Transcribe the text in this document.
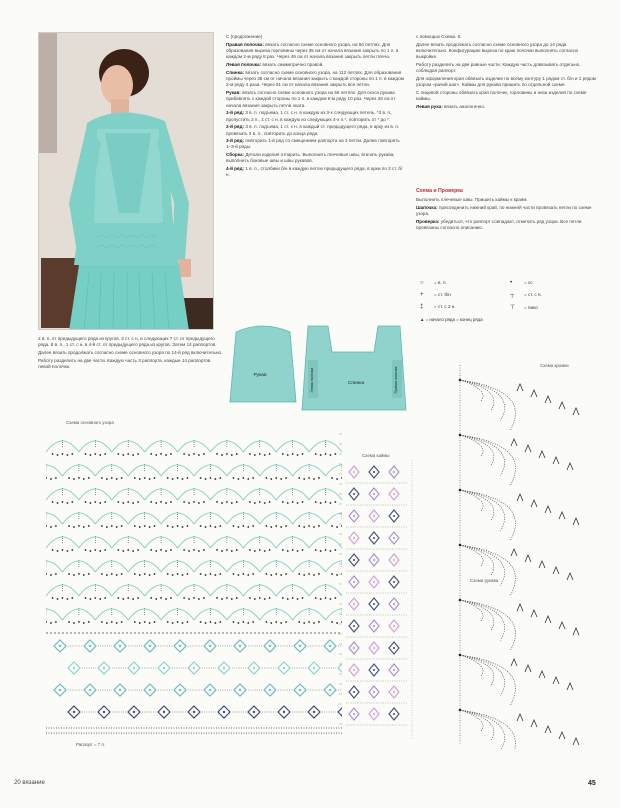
С (продолжение)

Правая полочка: вязать согласно схеме основного узора, на 60 петлях. Для образования выреза горловины через 35 см от начала вязания закрыть по 1 п. в каждом 2-м ряду 8 раз. Через 49 см от начала вязания закрыть петли плеча.

Левая полочка: вязать симметрично правой.

Спинка: вязать согласно схеме основного узора, на 112 петлях. Для образования проймы через 38 см от начала вязания закрыть с каждой стороны по 1 п. в каждом 2-м ряду 4 раза. Через 51 см от начала вязания закрыть все петли.

Рукав: вязать согласно схеме основного узора на 56 петлях. Для скоса рукава прибавлять с каждой стороны по 1 п. в каждом 6-м ряду 10 раз. Через 28 см от начала вязания закрыть петли оката.

1-й ряд: 3 в. п. подъема, 1 ст. с н. в каждую из 3-х следующих петель, *3 в. п., пропустить 2 п., 1 ст. с н. в каждую из следующих 4-х п.*, повторить от * до *.

2-й ряд: 3 в. п. подъема, 1 ст. с н. в каждый ст. предыдущего ряда, в арку из в. п. провязать 3 в. п., повторить до конца ряда.

3-й ряд: повторить 1-й ряд со смещением раппорта на 3 петли. Далее повторять 1–3-й ряды.

Сборка: Детали изделия отпарить. Выполнить плечевые швы, втачать рукава, выполнить боковые швы и швы рукавов.

4-й ряд: 1 в. п., столбики б/н в каждую петлю предыдущего ряда, в арки по 3 ст. б/н.

с помощью Схема. 6.

Далее вязать продолжать согласно схеме основного узора до 14 ряда включительно. Конфигурацию выреза по краю полочки выполнять согласно выкройке.

Работу разделить на две равные части. Каждую часть довязывать отдельно, соблюдая раппорт.

Для оформления края обвязать изделие по всему контуру 1 рядом ст. б/н и 1 рядом узором «рачий шаг». Каймы для рукава пришить по отдельной схеме.

С лицевой стороны обвязать края полочек, горловины и низа изделия по схеме каймы.

Левая рука: вязать аналогично.

Схема и Проверка

Выполнить плечевые швы. Пришить каймы к краям.

Шапочка: присоединить нижний край, по нижней части провязать петли по схеме узора.

Проверка: убедиться, что раппорт совпадает, отметить ряд узора. Все петли провязаны согласно описанию.

○ = в. п.	•	= сс
+ = ст. б/н	┬ = ст. с н.
‡ = ст. с 2 н.	⊤ = пико
▲ = начало ряда = конец ряда

2 в. п. от предыдущего ряда из кругов. 2 ст. с н. и следующих 7 ст. от предыдущего ряда. 8 в. п., 1 ст. с н. в 4-й ст. от предыдущего ряда из кругов. Затем 14 раппортов.

Далее вязать продолжать согласно схеме основного узора по 14-й ряд включительно.

Работу разделить на две части. Каждую часть 3 раппорта, каждые 14 раппортов левой полочки.

Рукав
Спинка
Левая полочка	Правая полочка
Схема основного узора
Схема каймы
Схема кромки
Схема рукава
Раппорт = 7 п.
20 вязание	45
